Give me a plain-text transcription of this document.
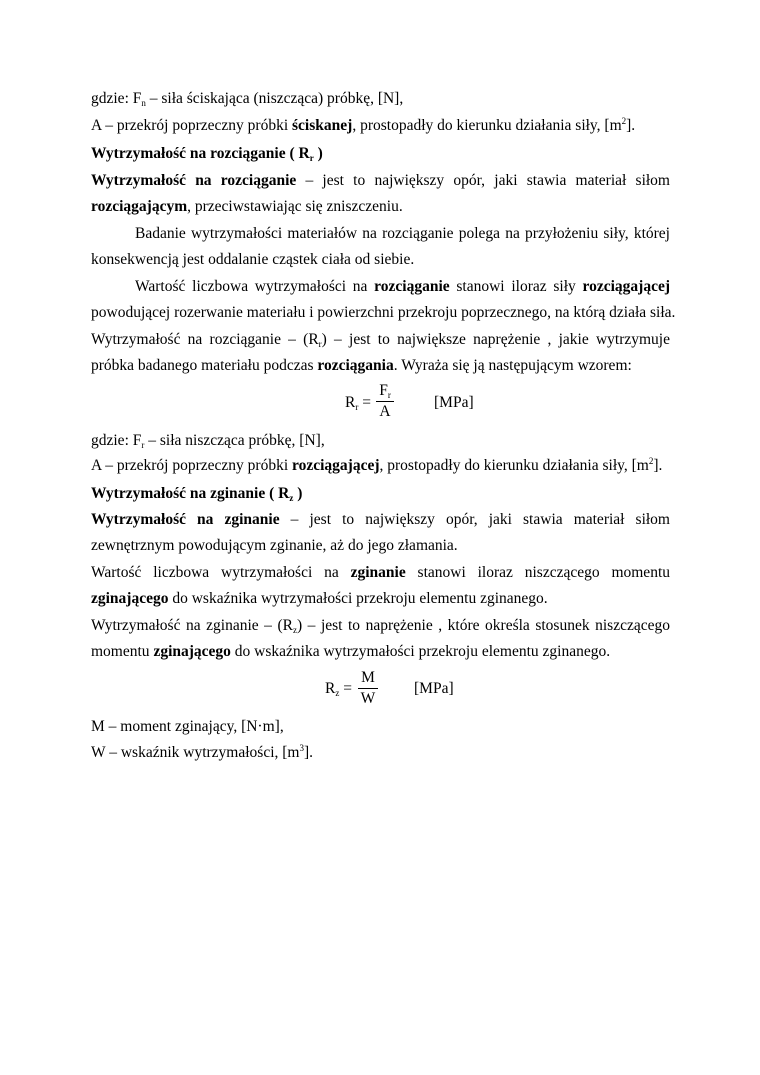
gdzie: $F_n$ – siła ściskająca (niszcząca) próbkę, [N],
A – przekrój poprzeczny próbki ściskanej, prostopadły do kierunku działania siły, $[m^2]$.
Wytrzymałość na rozciąganie ( $R_r$ )
Wytrzymałość na rozciąganie – jest to największy opór, jaki stawia materiał siłom
rozciągającym, przeciwstawiając się zniszczeniu.
Badanie wytrzymałości materiałów na rozciąganie polega na przyłożeniu siły, której
konsekwencją jest oddalanie cząstek ciała od siebie.
Wartość liczbowa wytrzymałości na rozciąganie stanowi iloraz siły rozciągającej
powodującej rozerwanie materiału i powierzchni przekroju poprzecznego, na którą działa siła.
Wytrzymałość na rozciąganie – $(R_r)$ – jest to największe naprężenie , jakie wytrzymuje
próbka badanego materiału podczas rozciągania. Wyraża się ją następującym wzorem:
$R_r$ =
$F_r$
A
[MPa]
gdzie: $F_r$ – siła niszcząca próbkę, [N],
A – przekrój poprzeczny próbki rozciągającej, prostopadły do kierunku działania siły, $[m^2]$.
Wytrzymałość na zginanie ( $R_z$ )
Wytrzymałość na zginanie – jest to największy opór, jaki stawia materiał siłom
zewnętrznym powodującym zginanie, aż do jego złamania.
Wartość liczbowa wytrzymałości na zginanie stanowi iloraz niszczącego momentu
zginającego do wskaźnika wytrzymałości przekroju elementu zginanego.
Wytrzymałość na zginanie – $(R_z)$ – jest to naprężenie , które określa stosunek niszczącego
momentu zginającego do wskaźnika wytrzymałości przekroju elementu zginanego.
$R_z$ =
M
W
[MPa]
M – moment zginający, [N·m],
W – wskaźnik wytrzymałości, $[m^3]$.
